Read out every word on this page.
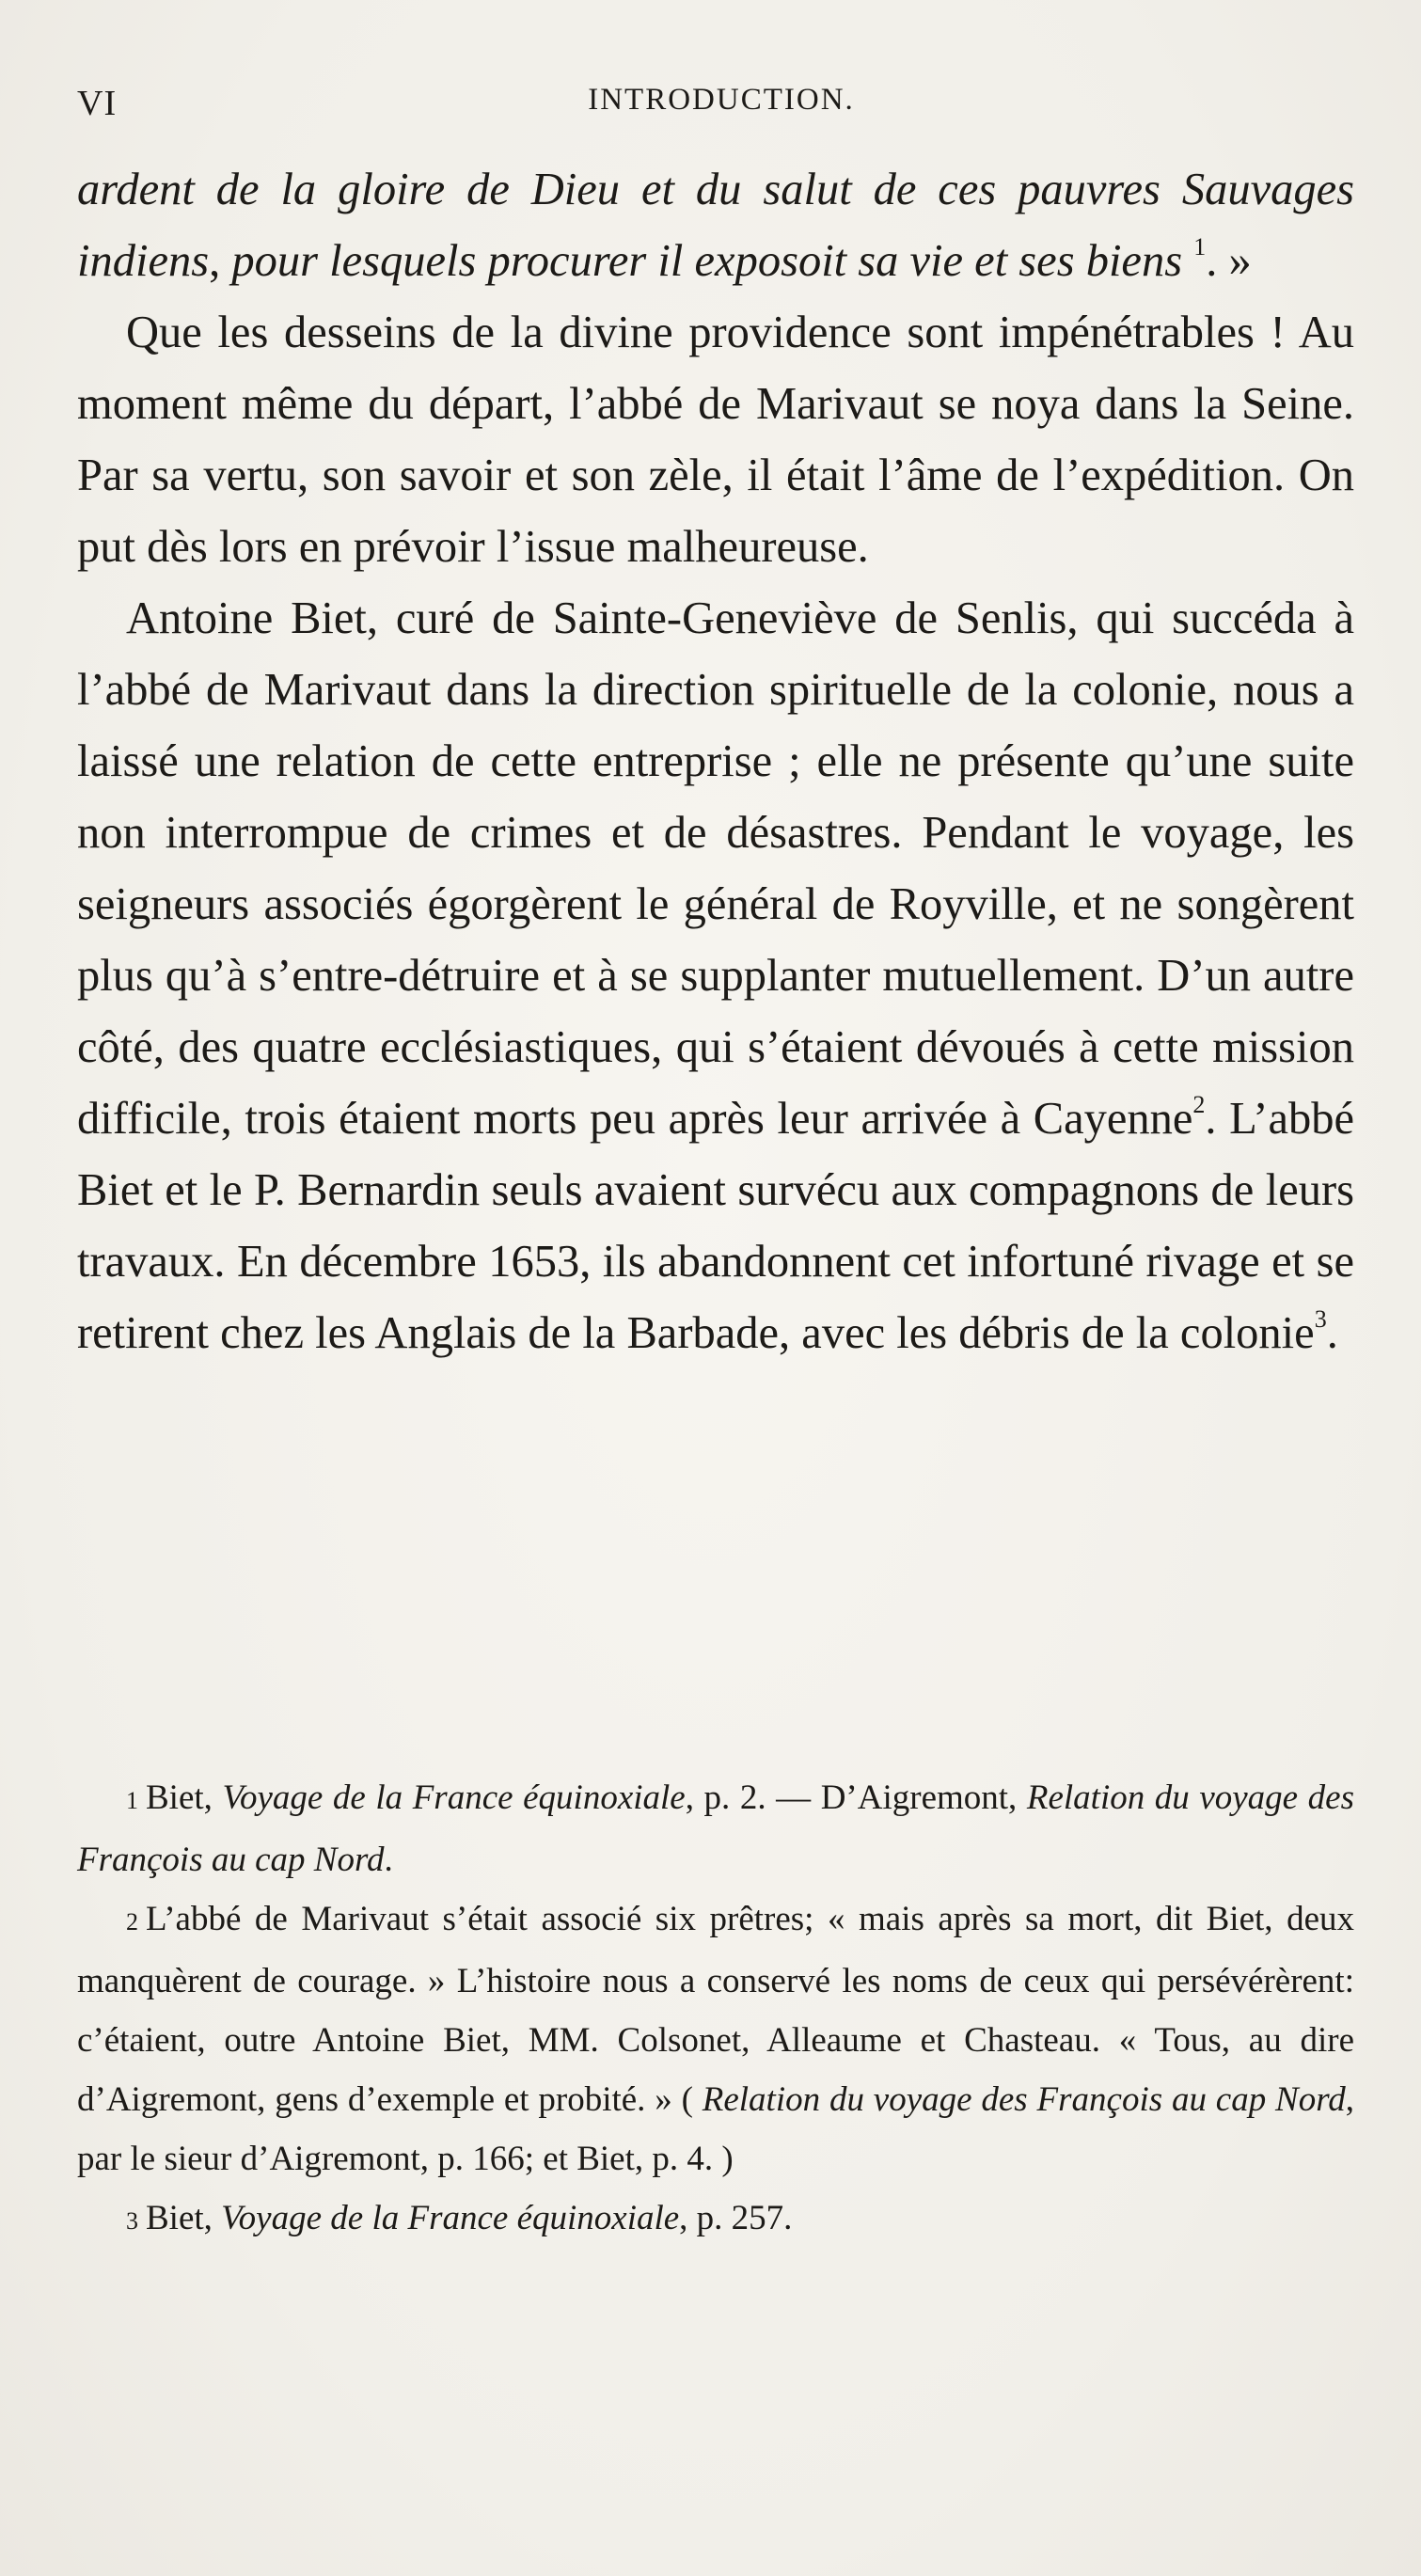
VI	INTRODUCTION.

ardent de la gloire de Dieu et du salut de ces pauvres Sauvages indiens, pour lesquels procurer il exposoit sa vie et ses biens $^1$. »

Que les desseins de la divine providence sont impénétrables ! Au moment même du départ, l’abbé de Marivaut se noya dans la Seine. Par sa vertu, son savoir et son zèle, il était l’âme de l’expédition. On put dès lors en prévoir l’issue malheureuse.

Antoine Biet, curé de Sainte-Geneviève de Senlis, qui succéda à l’abbé de Marivaut dans la direction spirituelle de la colonie, nous a laissé une relation de cette entreprise ; elle ne présente qu’une suite non interrompue de crimes et de désastres. Pendant le voyage, les seigneurs associés égorgèrent le général de Royville, et ne songèrent plus qu’à s’entre-détruire et à se supplanter mutuellement. D’un autre côté, des quatre ecclésiastiques, qui s’étaient dévoués à cette mission difficile, trois étaient morts peu après leur arrivée à Cayenne$^2$. L’abbé Biet et le P. Bernardin seuls avaient survécu aux compagnons de leurs travaux. En décembre 1653, ils abandonnent cet infortuné rivage et se retirent chez les Anglais de la Barbade, avec les débris de la colonie$^3$.

1 Biet, Voyage de la France équinoxiale, p. 2. — D’Aigremont, Relation du voyage des François au cap Nord.

2 L’abbé de Marivaut s’était associé six prêtres; « mais après sa mort, dit Biet, deux manquèrent de courage. » L’histoire nous a conservé les noms de ceux qui persévérèrent: c’étaient, outre Antoine Biet, MM. Colsonet, Alleaume et Chasteau. « Tous, au dire d’Aigremont, gens d’exemple et probité. » ( Relation du voyage des François au cap Nord, par le sieur d’Aigremont, p. 166; et Biet, p. 4. )

3 Biet, Voyage de la France équinoxiale, p. 257.
